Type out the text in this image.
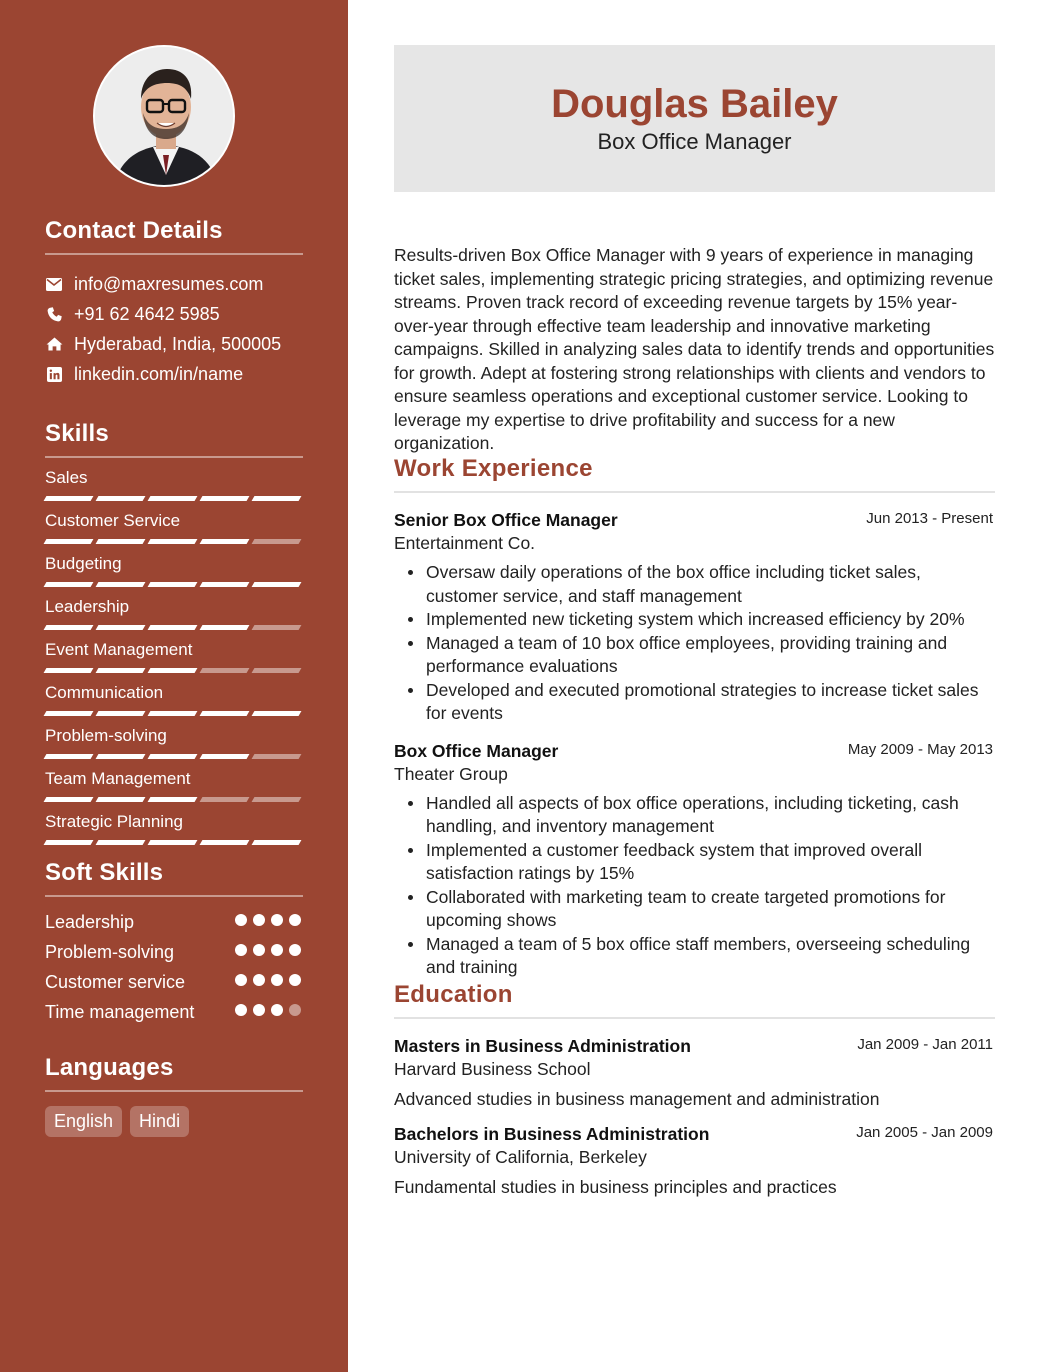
Contact Details
info@maxresumes.com
+91 62 4642 5985
Hyderabad, India, 500005
linkedin.com/in/name
Skills
Sales
Customer Service
Budgeting
Leadership
Event Management
Communication
Problem-solving
Team Management
Strategic Planning
Soft Skills
Leadership
Problem-solving
Customer service
Time management
Languages
English	Hindi
Douglas Bailey
Box Office Manager

Results-driven Box Office Manager with 9 years of experience in managing ticket sales, implementing strategic pricing strategies, and optimizing revenue streams. Proven track record of exceeding revenue targets by 15% year-over-year through effective team leadership and innovative marketing campaigns. Skilled in analyzing sales data to identify trends and opportunities for growth. Adept at fostering strong relationships with clients and vendors to ensure seamless operations and exceptional customer service. Looking to leverage my expertise to drive profitability and success for a new organization.

Work Experience
Senior Box Office Manager	Jun 2013 - Present
Entertainment Co.
Oversaw daily operations of the box office including ticket sales, customer service, and staff management
Implemented new ticketing system which increased efficiency by 20%
Managed a team of 10 box office employees, providing training and performance evaluations
Developed and executed promotional strategies to increase ticket sales for events
Box Office Manager	May 2009 - May 2013
Theater Group
Handled all aspects of box office operations, including ticketing, cash handling, and inventory management
Implemented a customer feedback system that improved overall satisfaction ratings by 15%
Collaborated with marketing team to create targeted promotions for upcoming shows
Managed a team of 5 box office staff members, overseeing scheduling and training
Education
Masters in Business Administration	Jan 2009 - Jan 2011
Harvard Business School
Advanced studies in business management and administration
Bachelors in Business Administration	Jan 2005 - Jan 2009
University of California, Berkeley
Fundamental studies in business principles and practices
